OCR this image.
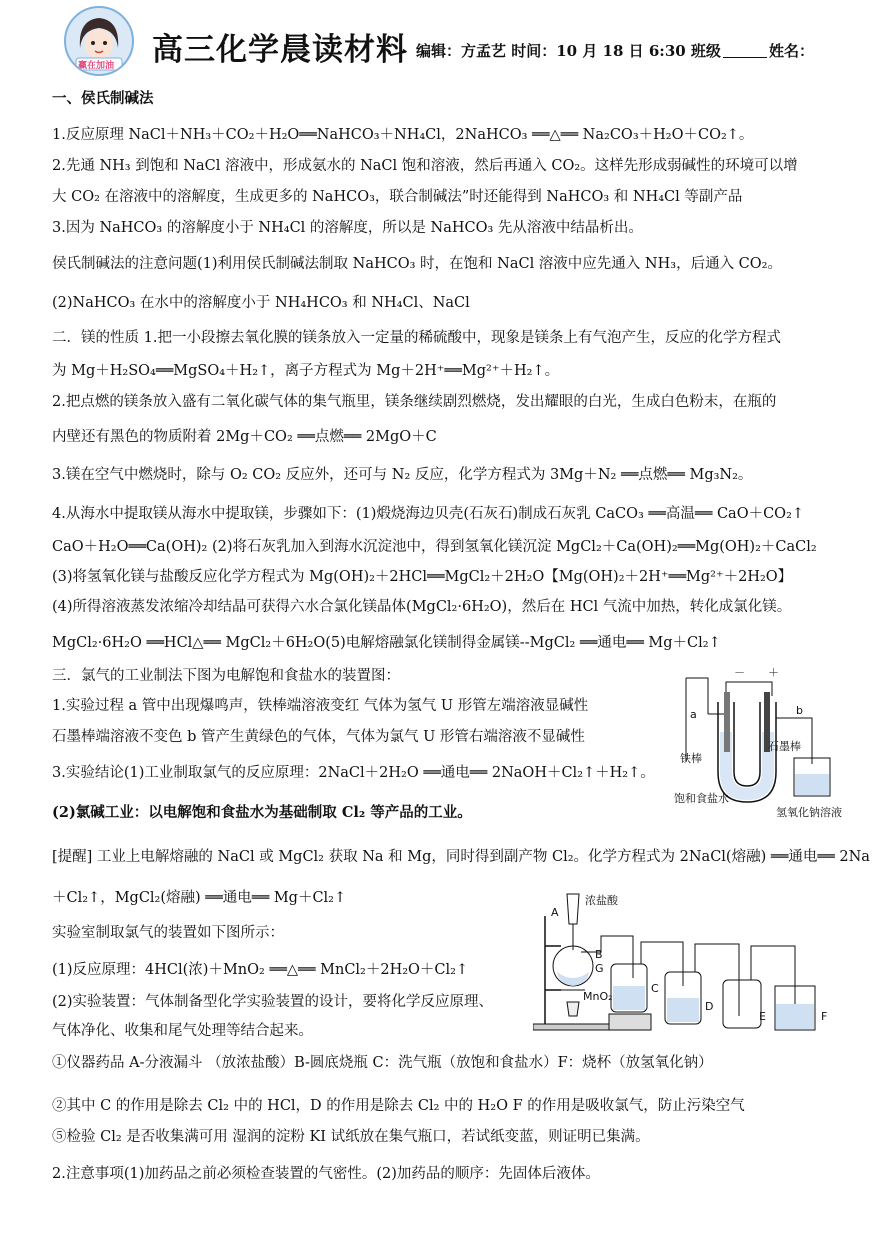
赢在加油 高三化学晨读材料 编辑：方孟艺 时间：10 月 18 日 6:30 班级	姓名：
一、侯氏制碱法
1.反应原理 NaCl＋NH₃＋CO₂＋H₂O══NaHCO₃＋NH₄Cl，2NaHCO₃ ══△══ Na₂CO₃＋H₂O＋CO₂↑。
2.先通 NH₃ 到饱和 NaCl 溶液中，形成氨水的 NaCl 饱和溶液，然后再通入 CO₂。这样先形成弱碱性的环境可以增
大 CO₂ 在溶液中的溶解度，生成更多的 NaHCO₃，联合制碱法”时还能得到 NaHCO₃ 和 NH₄Cl 等副产品
3.因为 NaHCO₃ 的溶解度小于 NH₄Cl 的溶解度，所以是 NaHCO₃ 先从溶液中结晶析出。
侯氏制碱法的注意问题(1)利用侯氏制碱法制取 NaHCO₃ 时，在饱和 NaCl 溶液中应先通入 NH₃，后通入 CO₂。
(2)NaHCO₃ 在水中的溶解度小于 NH₄HCO₃ 和 NH₄Cl、NaCl
二．镁的性质 1.把一小段擦去氧化膜的镁条放入一定量的稀硫酸中，现象是镁条上有气泡产生，反应的化学方程式
为 Mg＋H₂SO₄══MgSO₄＋H₂↑，离子方程式为 Mg＋2H⁺══Mg²⁺＋H₂↑。
2.把点燃的镁条放入盛有二氧化碳气体的集气瓶里，镁条继续剧烈燃烧，发出耀眼的白光，生成白色粉末，在瓶的
内壁还有黑色的物质附着 2Mg＋CO₂ ══点燃══ 2MgO＋C
3.镁在空气中燃烧时，除与 O₂ CO₂ 反应外，还可与 N₂ 反应，化学方程式为 3Mg＋N₂ ══点燃══ Mg₃N₂。
4.从海水中提取镁从海水中提取镁，步骤如下：(1)煅烧海边贝壳(石灰石)制成石灰乳 CaCO₃ ══高温══ CaO＋CO₂↑
CaO＋H₂O══Ca(OH)₂ (2)将石灰乳加入到海水沉淀池中，得到氢氧化镁沉淀 MgCl₂＋Ca(OH)₂══Mg(OH)₂＋CaCl₂
(3)将氢氧化镁与盐酸反应化学方程式为 Mg(OH)₂＋2HCl══MgCl₂＋2H₂O【Mg(OH)₂＋2H⁺══Mg²⁺＋2H₂O】
(4)所得溶液蒸发浓缩冷却结晶可获得六水合氯化镁晶体(MgCl₂·6H₂O)，然后在 HCl 气流中加热，转化成氯化镁。
MgCl₂·6H₂O ══HCl△══ MgCl₂＋6H₂O(5)电解熔融氯化镁制得金属镁--MgCl₂ ══通电══ Mg＋Cl₂↑
三．氯气的工业制法下图为电解饱和食盐水的装置图：
1.实验过程 a 管中出现爆鸣声，铁棒端溶液变红 气体为氢气 U 形管左端溶液显碱性
石墨棒端溶液不变色 b 管产生黄绿色的气体，气体为氯气 U 形管右端溶液不显碱性
3.实验结论(1)工业制取氯气的反应原理：2NaCl＋2H₂O ══通电══ 2NaOH＋Cl₂↑＋H₂↑。
(2)氯碱工业：以电解饱和食盐水为基础制取 Cl₂ 等产品的工业。
[提醒] 工业上电解熔融的 NaCl 或 MgCl₂ 获取 Na 和 Mg，同时得到副产物 Cl₂。化学方程式为 2NaCl(熔融) ══通电══ 2Na
＋Cl₂↑，MgCl₂(熔融) ══通电══ Mg＋Cl₂↑
实验室制取氯气的装置如下图所示：
(1)反应原理：4HCl(浓)＋MnO₂ ══△══ MnCl₂＋2H₂O＋Cl₂↑
(2)实验装置：气体制备型化学实验装置的设计，要将化学反应原理、
气体净化、收集和尾气处理等结合起来。
①仪器药品 A-分液漏斗 （放浓盐酸）B-圆底烧瓶 C：洗气瓶（放饱和食盐水）F：烧杯（放氢氧化钠）
②其中 C 的作用是除去 Cl₂ 中的 HCl，D 的作用是除去 Cl₂ 中的 H₂O F 的作用是吸收氯气，防止污染空气
⑤检验 Cl₂ 是否收集满可用 湿润的淀粉 KI 试纸放在集气瓶口，若试纸变蓝，则证明已集满。
2.注意事项(1)加药品之前必须检查装置的气密性。(2)加药品的顺序：先固体后液体。
－ ＋
a	b
铁棒
石墨棒
饱和食盐水
氢氧化钠溶液
浓盐酸
A
B
G
MnO₂
C
D
E	F
